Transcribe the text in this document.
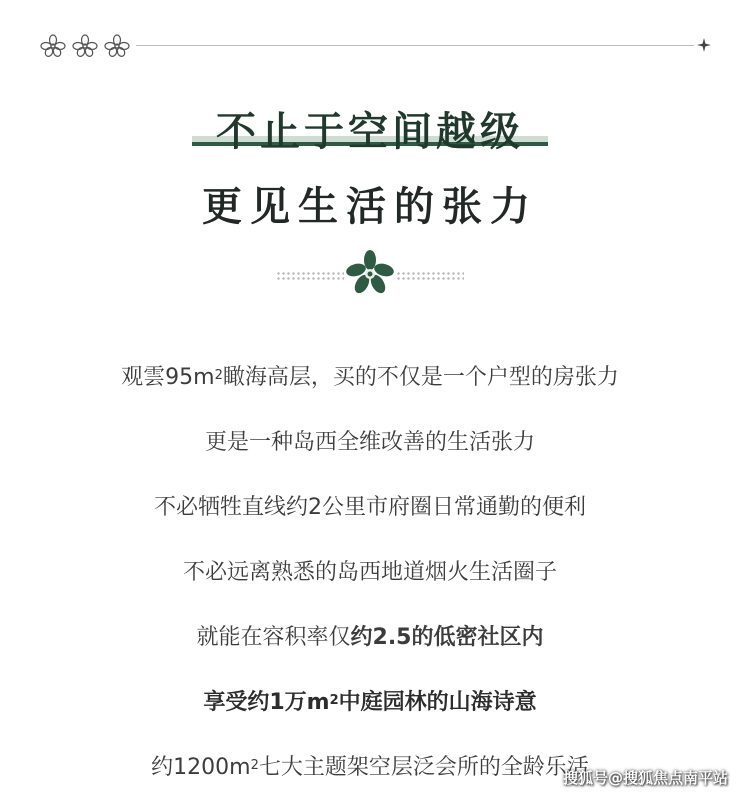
不止于空间越级
更见生活的张力
观雲$95m^2$瞰海高层，买的不仅是一个户型的房张力
更是一种岛西全维改善的生活张力
不必牺牲直线约2公里市府圈日常通勤的便利
不必远离熟悉的岛西地道烟火生活圈子
就能在容积率仅约2.5的低密社区内
享受约1万$m^2$中庭园林的山海诗意
约$1200m^2$七大主题架空层泛会所的全龄乐活
搜狐号@搜狐焦点南平站
